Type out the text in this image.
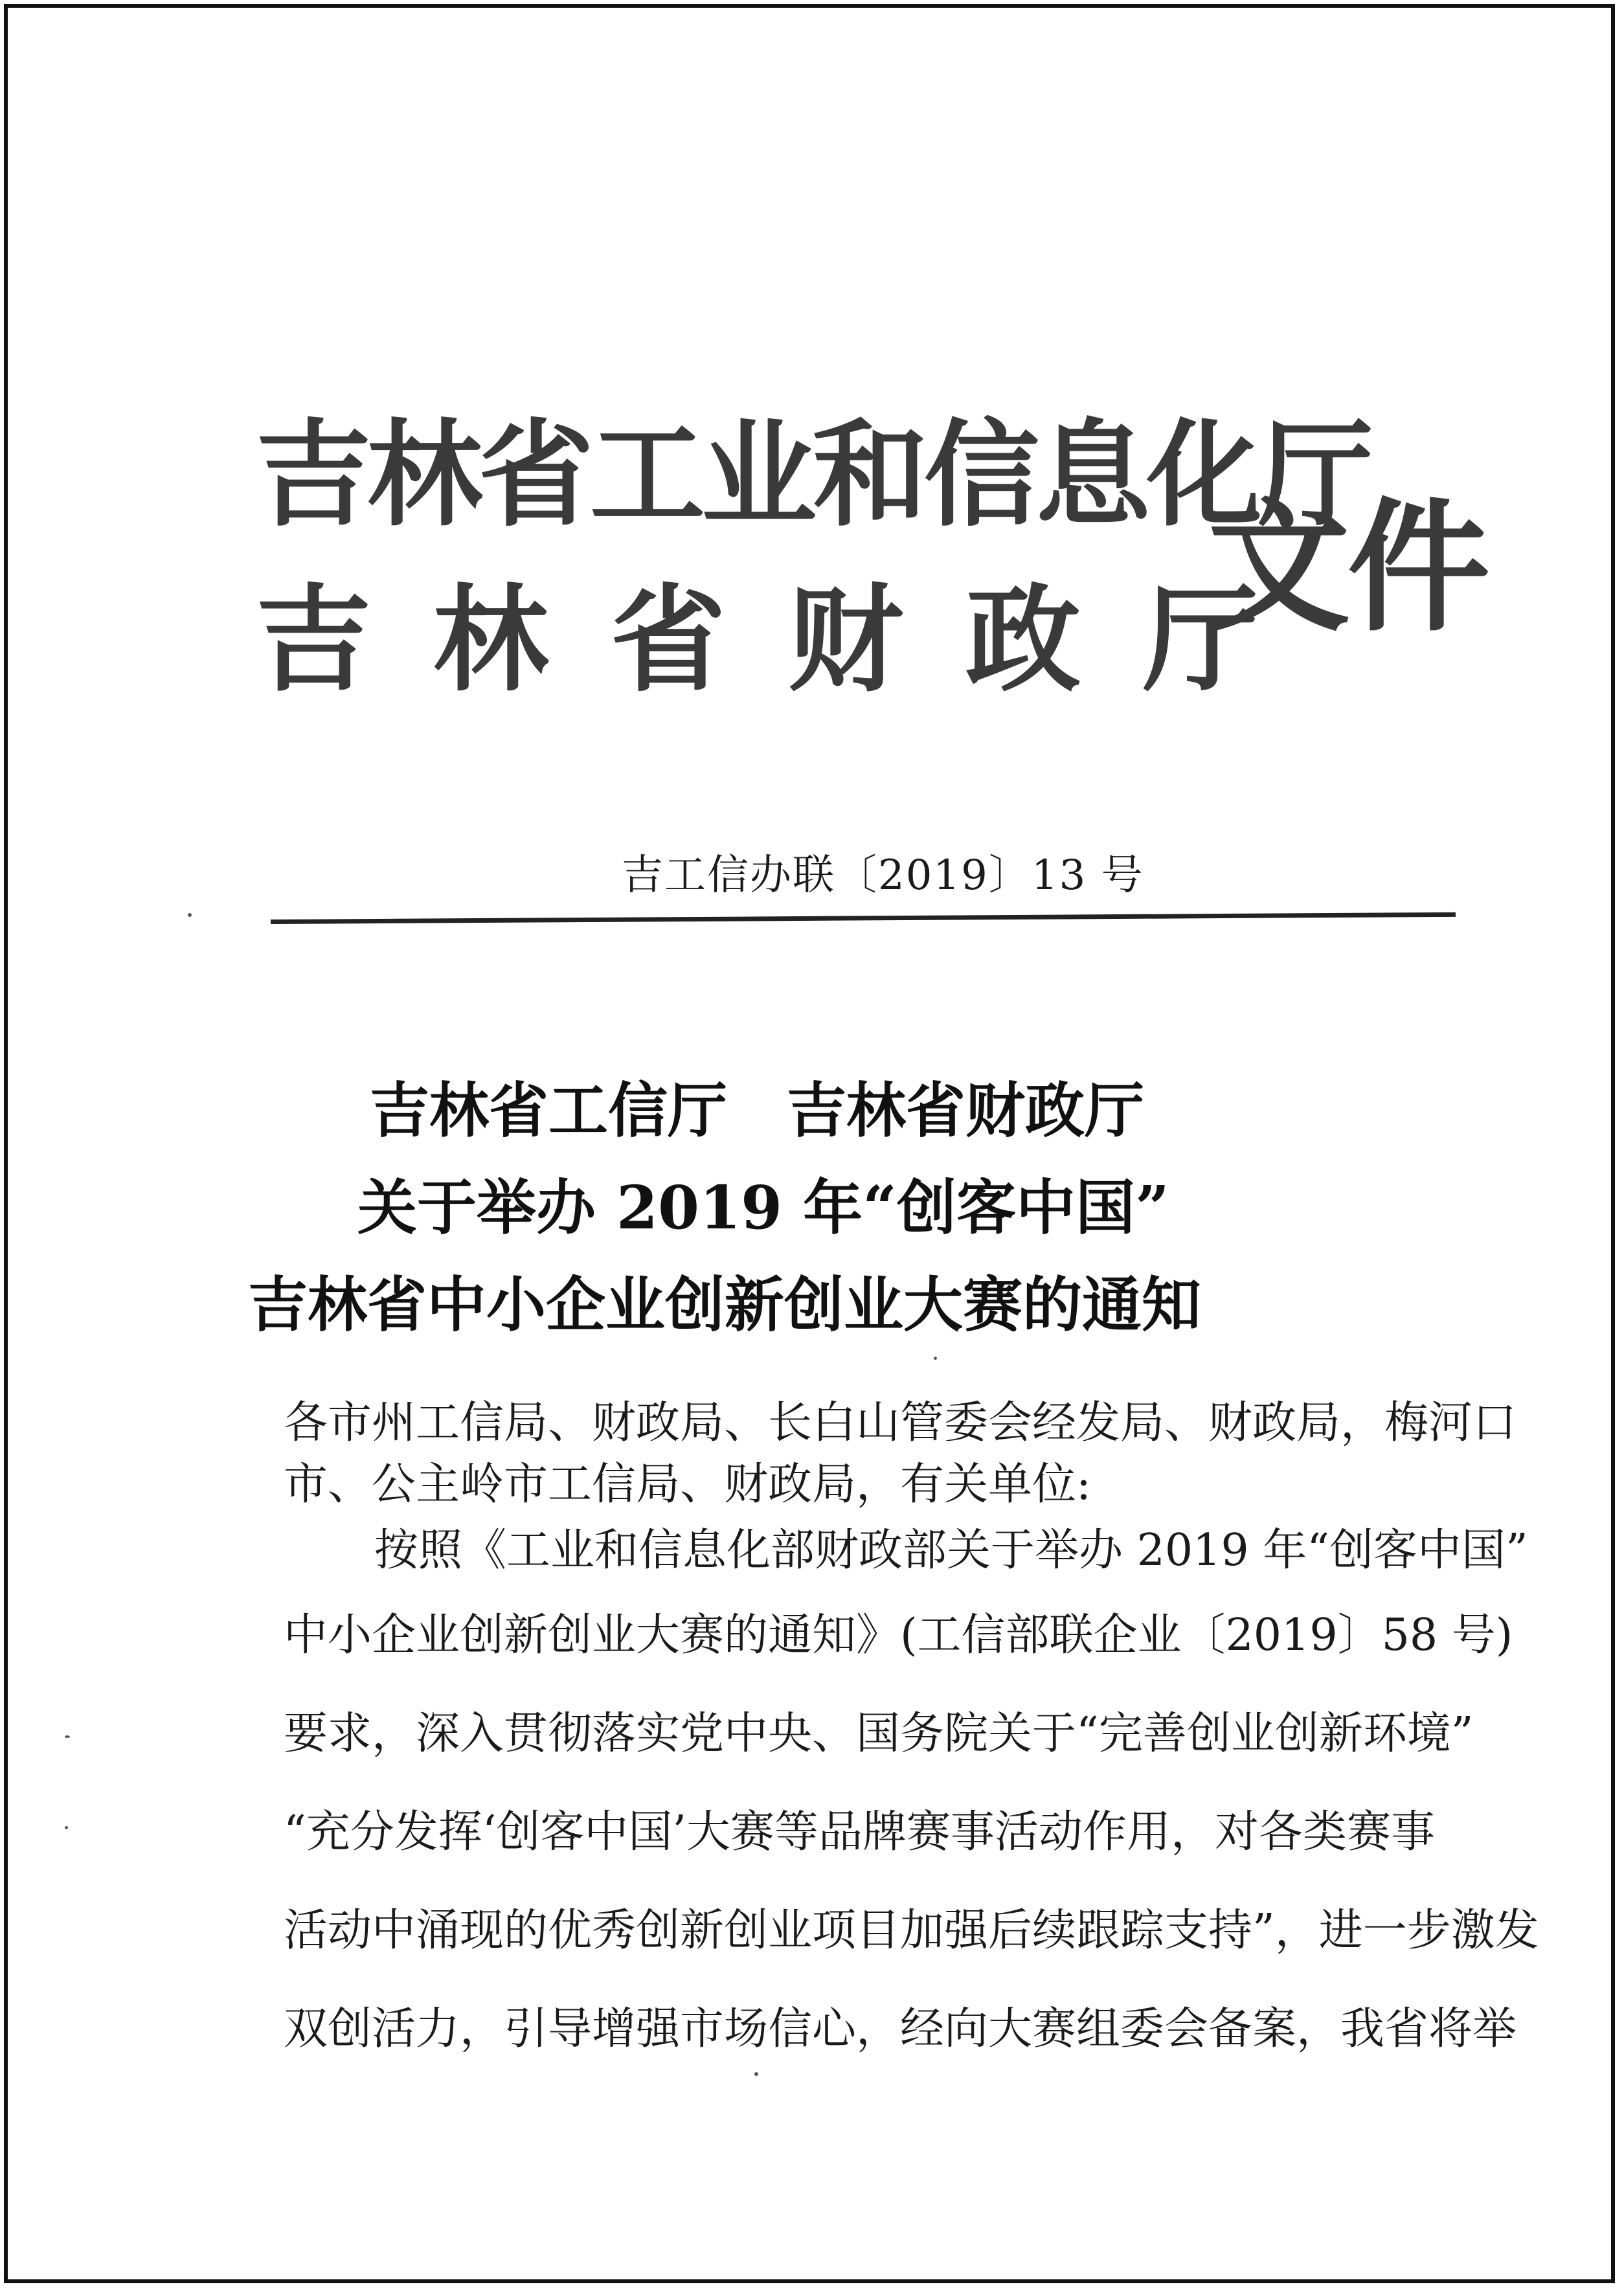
吉林省工业和信息化厅
吉林省财政厅
文件
吉工信办联〔2019〕13 号
吉林省工信厅　吉林省财政厅
关于举办 2019 年“创客中国”
吉林省中小企业创新创业大赛的通知

各市州工信局、财政局、长白山管委会经发局、财政局，梅河口
市、公主岭市工信局、财政局，有关单位:

按照《工业和信息化部财政部关于举办 2019 年“创客中国”
中小企业创新创业大赛的通知》(工信部联企业〔2019〕58 号)
要求，深入贯彻落实党中央、国务院关于“完善创业创新环境”
“充分发挥‘创客中国’大赛等品牌赛事活动作用，对各类赛事
活动中涌现的优秀创新创业项目加强后续跟踪支持”，进一步激发
双创活力，引导增强市场信心，经向大赛组委会备案，我省将举
